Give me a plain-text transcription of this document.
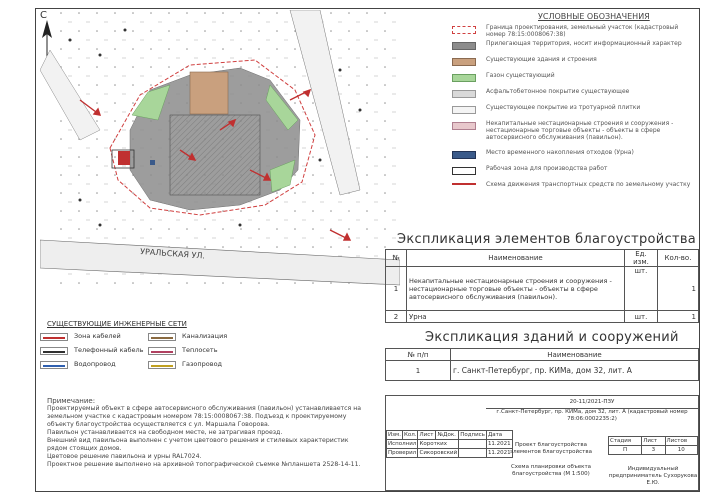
С
УРАЛЬСКАЯ УЛ.
УСЛОВНЫЕ ОБОЗНАЧЕНИЯ
Граница проектирования, земельный участок (кадастровый номер 78:15:0008067:38)
Прилегающая территория, носит информационный характер
Существующие здания и строения
Газон существующий
Асфальтобетонное покрытие существующее
Существующее покрытие из тротуарной плитки
Некапитальные нестационарные строения и сооружения - нестационарные торговые объекты - объекты в сфере автосервисного обслуживания (павильон).
Место временного накопления отходов (Урна)
Рабочая зона для производства работ
Схема движения транспортных средств по земельному участку
Экспликация элементов благоустройства
№	Наименование	Ед. изм.	Кол-во.
1	Некапитальные нестационарные строения и сооружения - нестационарные торговые объекты - объекты в сфере автосервисного обслуживания (павильон).	шт.	1
2	Урна	шт.	1
Экспликация зданий и сооружений
№ п/п	Наименование
1	г. Санкт-Петербург, пр. КИМа, дом 32, лит. А
СУЩЕСТВУЮЩИЕ ИНЖЕНЕРНЫЕ СЕТИ
Зона кабелей	Канализация
Телефонный кабель	Теплосеть
Водопровод	Газопровод
Примечание:
Проектируемый объект в сфере автосервисного обслуживания (павильон) устанавливается на
земельном участке с кадастровым номером 78:15:0008067:38. Подъезд к проектируемому
объекту благоустройства осуществляется с ул. Маршала Говорова.
Павильон устанавливается на свободном месте, не затрагивая проезд.
Внешний вид павильона выполнен с учетом цветового решения и стилевых характеристик
рядом стоящих домов.
Цветовое решение павильона и урны RAL7024.
Проектное решение выполнено на архивной топографической съемке №планшета 2528-14-11.
20-11/2021-ПЗУ
г.Санкт-Петербург, пр. КИМа, дом 32, лит. А (кадастровый номер 78:06:0002235:2)
Изм.	Кол.	Лист	№Док.	Подпись	Дата
Исполнил		Коротких			11.2021
Проверил		Сикоровский			11.2021
Проект благоустройства элементов благоустройства
Схема планировки объекта благоустройства (М 1:500)
Стадия	Лист	Листов
П	3	10
Индивидуальный предприниматель Сухорукова Е.Ю.
